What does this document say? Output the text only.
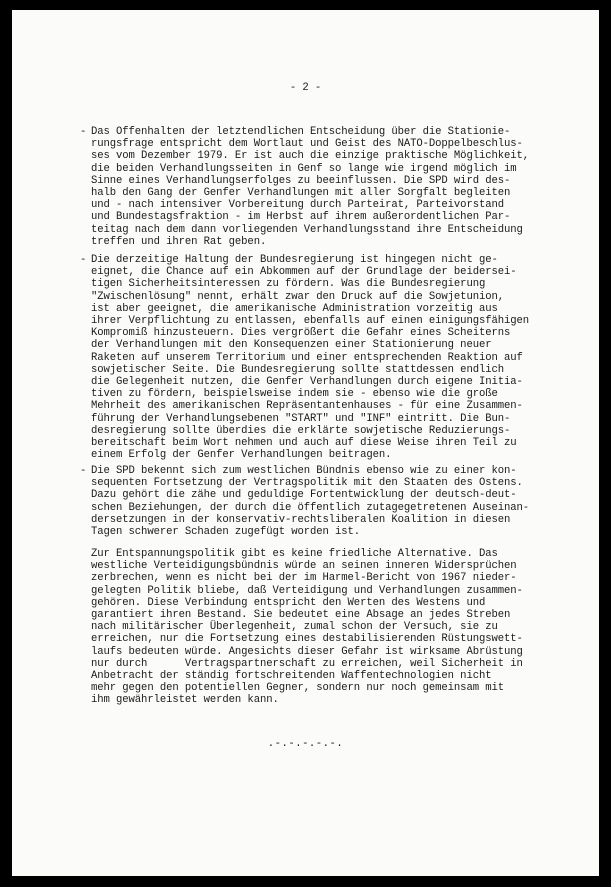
- 2 -
- Das Offenhalten der letztendlichen Entscheidung über die Stationie-
rungsfrage entspricht dem Wortlaut und Geist des NATO-Doppelbeschlus-
ses vom Dezember 1979. Er ist auch die einzige praktische Möglichkeit,
die beiden Verhandlungsseiten in Genf so lange wie irgend möglich im
Sinne eines Verhandlungserfolges zu beeinflussen. Die SPD wird des-
halb den Gang der Genfer Verhandlungen mit aller Sorgfalt begleiten
und - nach intensiver Vorbereitung durch Parteirat, Parteivorstand
und Bundestagsfraktion - im Herbst auf ihrem außerordentlichen Par-
teitag nach dem dann vorliegenden Verhandlungsstand ihre Entscheidung
treffen und ihren Rat geben.

- Die derzeitige Haltung der Bundesregierung ist hingegen nicht ge-
eignet, die Chance auf ein Abkommen auf der Grundlage der beidersei-
tigen Sicherheitsinteressen zu fördern. Was die Bundesregierung
"Zwischenlösung" nennt, erhält zwar den Druck auf die Sowjetunion,
ist aber geeignet, die amerikanische Administration vorzeitig aus
ihrer Verpflichtung zu entlassen, ebenfalls auf einen einigungsfähigen
Kompromiß hinzusteuern. Dies vergrößert die Gefahr eines Scheiterns
der Verhandlungen mit den Konsequenzen einer Stationierung neuer
Raketen auf unserem Territorium und einer entsprechenden Reaktion auf
sowjetischer Seite. Die Bundesregierung sollte stattdessen endlich
die Gelegenheit nutzen, die Genfer Verhandlungen durch eigene Initia-
tiven zu fördern, beispielsweise indem sie - ebenso wie die große
Mehrheit des amerikanischen Repräsentantenhauses - für eine Zusammen-
führung der Verhandlungsebenen "START" und "INF" eintritt. Die Bun-
desregierung sollte überdies die erklärte sowjetische Reduzierungs-
bereitschaft beim Wort nehmen und auch auf diese Weise ihren Teil zu
einem Erfolg der Genfer Verhandlungen beitragen.

- Die SPD bekennt sich zum westlichen Bündnis ebenso wie zu einer kon-
sequenten Fortsetzung der Vertragspolitik mit den Staaten des Ostens.
Dazu gehört die zähe und geduldige Fortentwicklung der deutsch-deut-
schen Beziehungen, der durch die öffentlich zutagegetretenen Auseinan-
dersetzungen in der konservativ-rechtsliberalen Koalition in diesen
Tagen schwerer Schaden zugefügt worden ist.

Zur Entspannungspolitik gibt es keine friedliche Alternative. Das
westliche Verteidigungsbündnis würde an seinen inneren Widersprüchen
zerbrechen, wenn es nicht bei der im Harmel-Bericht von 1967 nieder-
gelegten Politik bliebe, daß Verteidigung und Verhandlungen zusammen-
gehören. Diese Verbindung entspricht den Werten des Westens und
garantiert ihren Bestand. Sie bedeutet eine Absage an jedes Streben
nach militärischer Überlegenheit, zumal schon der Versuch, sie zu
erreichen, nur die Fortsetzung eines destabilisierenden Rüstungswett-
laufs bedeuten würde. Angesichts dieser Gefahr ist wirksame Abrüstung
nur durch      Vertragspartnerschaft zu erreichen, weil Sicherheit in
Anbetracht der ständig fortschreitenden Waffentechnologien nicht
mehr gegen den potentiellen Gegner, sondern nur noch gemeinsam mit
ihm gewährleistet werden kann.

.-.-.-.-.-.
